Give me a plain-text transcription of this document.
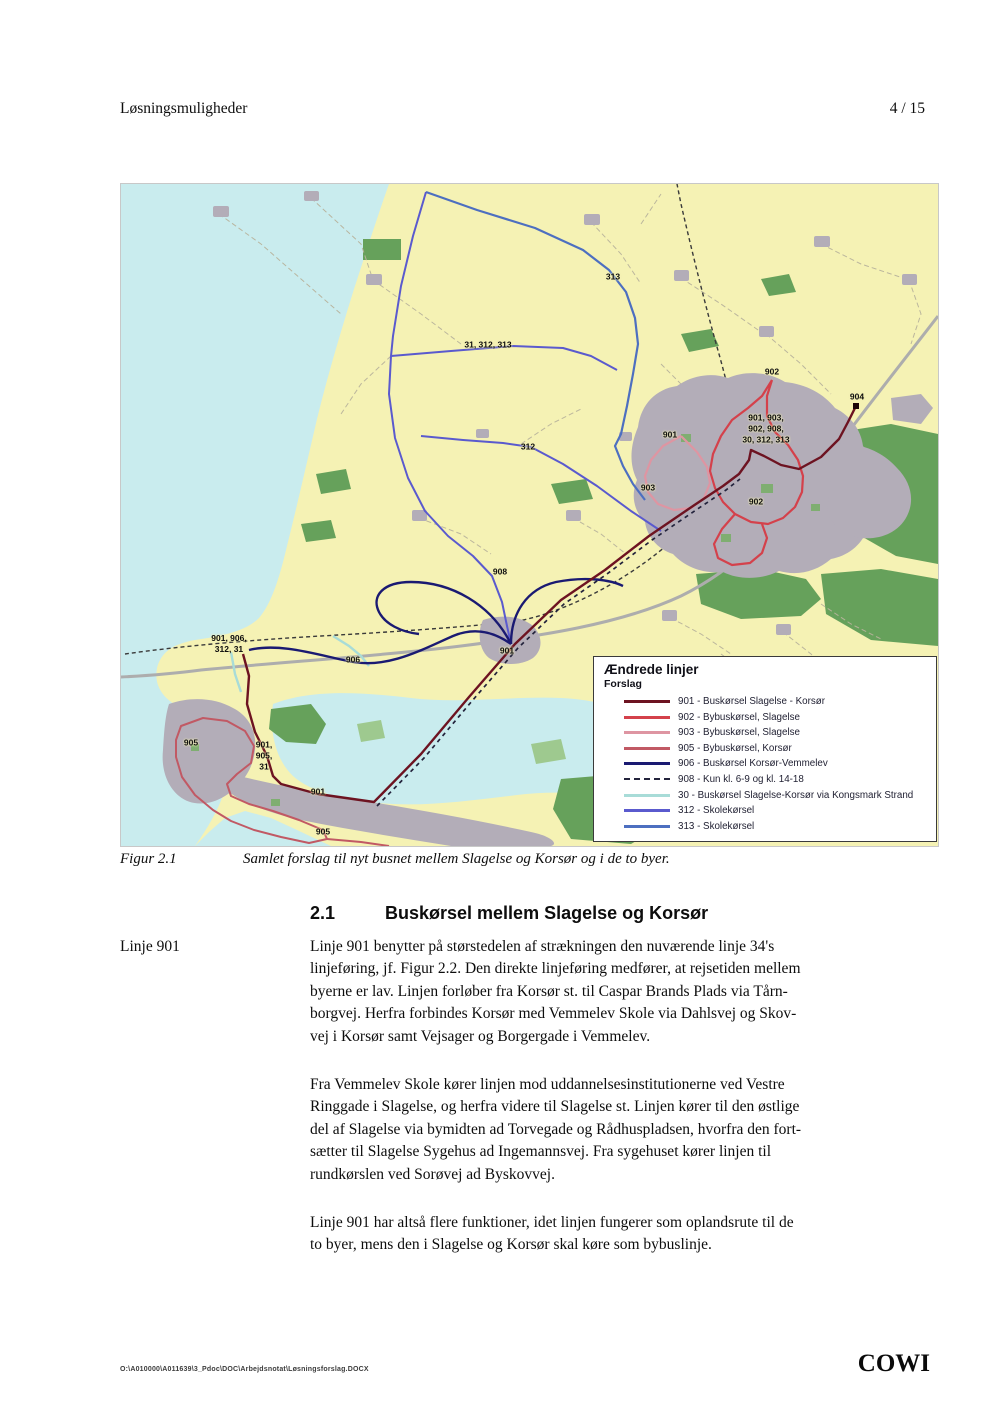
Løsningsmuligheder	4 / 15
313
31, 312, 313
902
904
901, 903,
902, 908,
30, 312, 313
901
312
903
902
908
901
906
901, 906,
312, 31
905	901,
905,
31
901
905
Ændrede linjer
Forslag
901 - Buskørsel Slagelse - Korsør
902 - Bybuskørsel, Slagelse
903 - Bybuskørsel, Slagelse
905 - Bybuskørsel, Korsør
906 - Buskørsel Korsør-Vemmelev
908 - Kun kl. 6-9 og kl. 14-18
30 - Buskørsel Slagelse-Korsør via Kongsmark Strand
312 - Skolekørsel
313 - Skolekørsel
Figur 2.1	Samlet forslag til nyt busnet mellem Slagelse og Korsør og i de to byer.
2.1	Buskørsel mellem Slagelse og Korsør
Linje 901	Linje 901 benytter på størstedelen af strækningen den nuværende linje 34's
linjeføring, jf. Figur 2.2. Den direkte linjeføring medfører, at rejsetiden mellem
byerne er lav. Linjen forløber fra Korsør st. til Caspar Brands Plads via Tårn-
borgvej. Herfra forbindes Korsør med Vemmelev Skole via Dahlsvej og Skov-
vej i Korsør samt Vejsager og Borgergade i Vemmelev.
Fra Vemmelev Skole kører linjen mod uddannelsesinstitutionerne ved Vestre
Ringgade i Slagelse, og herfra videre til Slagelse st. Linjen kører til den østlige
del af Slagelse via bymidten ad Torvegade og Rådhuspladsen, hvorfra den fort-
sætter til Slagelse Sygehus ad Ingemannsvej. Fra sygehuset kører linjen til
rundkørslen ved Sorøvej ad Byskovvej.
Linje 901 har altså flere funktioner, idet linjen fungerer som oplandsrute til de
to byer, mens den i Slagelse og Korsør skal køre som bybuslinje.
O:\A010000\A011639\3_Pdoc\DOC\Arbejdsnotat\Løsningsforslag.DOCX	COWI
